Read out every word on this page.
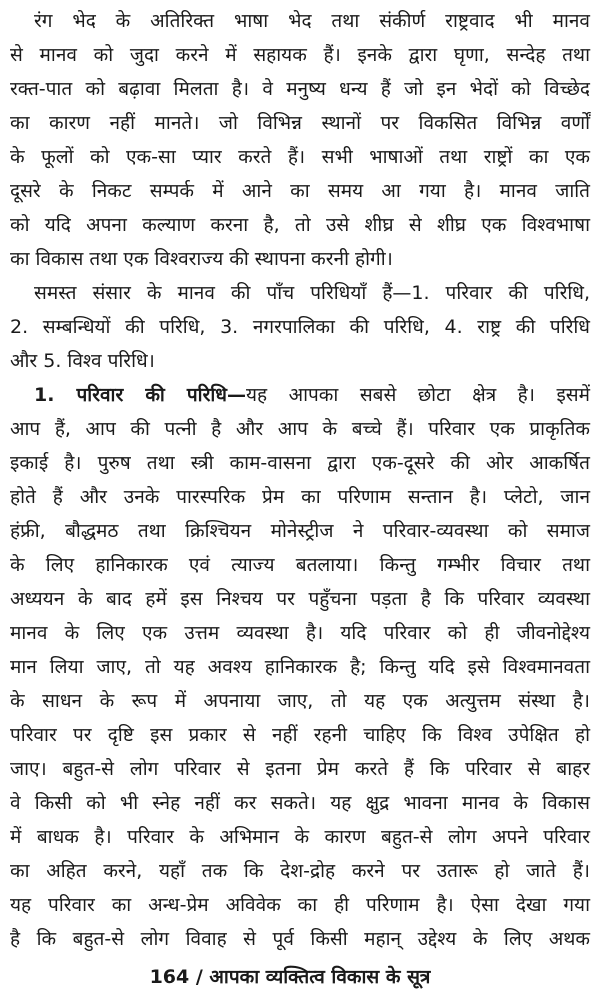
रंग भेद के अतिरिक्त भाषा भेद तथा संकीर्ण राष्ट्रवाद भी मानव
से मानव को जुदा करने में सहायक हैं। इनके द्वारा घृणा, सन्देह तथा
रक्त-पात को बढ़ावा मिलता है। वे मनुष्य धन्य हैं जो इन भेदों को विच्छेद
का कारण नहीं मानते। जो विभिन्न स्थानों पर विकसित विभिन्न वर्णों
के फूलों को एक-सा प्यार करते हैं। सभी भाषाओं तथा राष्ट्रों का एक
दूसरे के निकट सम्पर्क में आने का समय आ गया है। मानव जाति
को यदि अपना कल्याण करना है, तो उसे शीघ्र से शीघ्र एक विश्वभाषा
का विकास तथा एक विश्वराज्य की स्थापना करनी होगी।
समस्त संसार के मानव की पाँच परिधियाँ हैं—1. परिवार की परिधि,
2. सम्बन्धियों की परिधि, 3. नगरपालिका की परिधि, 4. राष्ट्र की परिधि
और 5. विश्व परिधि।
1. परिवार की परिधि—यह आपका सबसे छोटा क्षेत्र है। इसमें
आप हैं, आप की पत्नी है और आप के बच्चे हैं। परिवार एक प्राकृतिक
इकाई है। पुरुष तथा स्त्री काम-वासना द्वारा एक-दूसरे की ओर आकर्षित
होते हैं और उनके पारस्परिक प्रेम का परिणाम सन्तान है। प्लेटो, जान
हंफ्री, बौद्धमठ तथा क्रिश्चियन मोनेस्ट्रीज ने परिवार-व्यवस्था को समाज
के लिए हानिकारक एवं त्याज्य बतलाया। किन्तु गम्भीर विचार तथा
अध्ययन के बाद हमें इस निश्चय पर पहुँचना पड़ता है कि परिवार व्यवस्था
मानव के लिए एक उत्तम व्यवस्था है। यदि परिवार को ही जीवनोद्देश्य
मान लिया जाए, तो यह अवश्य हानिकारक है; किन्तु यदि इसे विश्वमानवता
के साधन के रूप में अपनाया जाए, तो यह एक अत्युत्तम संस्था है।
परिवार पर दृष्टि इस प्रकार से नहीं रहनी चाहिए कि विश्व उपेक्षित हो
जाए। बहुत-से लोग परिवार से इतना प्रेम करते हैं कि परिवार से बाहर
वे किसी को भी स्नेह नहीं कर सकते। यह क्षुद्र भावना मानव के विकास
में बाधक है। परिवार के अभिमान के कारण बहुत-से लोग अपने परिवार
का अहित करने, यहाँ तक कि देश-द्रोह करने पर उतारू हो जाते हैं।
यह परिवार का अन्ध-प्रेम अविवेक का ही परिणाम है। ऐसा देखा गया
है कि बहुत-से लोग विवाह से पूर्व किसी महान् उद्देश्य के लिए अथक
164 / आपका व्यक्तित्व विकास के सूत्र
